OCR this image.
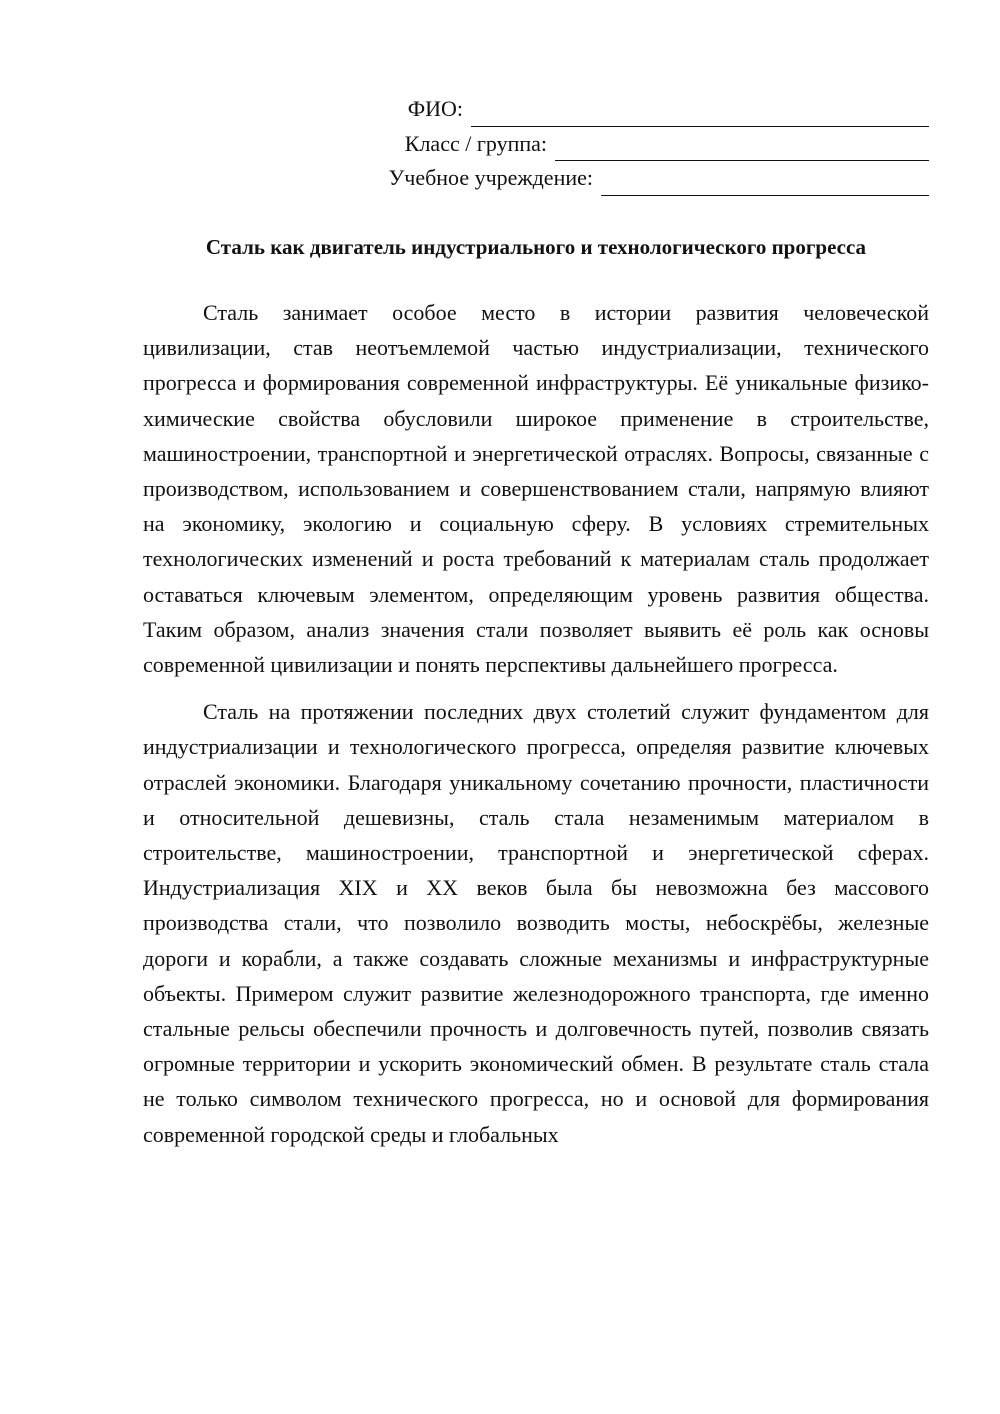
ФИО:
Класс / группа:
Учебное учреждение:
Сталь как двигатель индустриального и технологического прогресса

Сталь занимает особое место в истории развития человеческой цивилизации, став неотъемлемой частью индустриализации, технического прогресса и формирования современной инфраструктуры. Её уникальные физико-химические свойства обусловили широкое применение в строительстве, машиностроении, транспортной и энергетической отраслях. Вопросы, связанные с производством, использованием и совершенствованием стали, напрямую влияют на экономику, экологию и социальную сферу. В условиях стремительных технологических изменений и роста требований к материалам сталь продолжает оставаться ключевым элементом, определяющим уровень развития общества. Таким образом, анализ значения стали позволяет выявить её роль как основы современной цивилизации и понять перспективы дальнейшего прогресса.

Сталь на протяжении последних двух столетий служит фундаментом для индустриализации и технологического прогресса, определяя развитие ключевых отраслей экономики. Благодаря уникальному сочетанию прочности, пластичности и относительной дешевизны, сталь стала незаменимым материалом в строительстве, машиностроении, транспортной и энергетической сферах. Индустриализация XIX и XX веков была бы невозможна без массового производства стали, что позволило возводить мосты, небоскрёбы, железные дороги и корабли, а также создавать сложные механизмы и инфраструктурные объекты. Примером служит развитие железнодорожного транспорта, где именно стальные рельсы обеспечили прочность и долговечность путей, позволив связать огромные территории и ускорить экономический обмен. В результате сталь стала не только символом технического прогресса, но и основой для формирования современной городской среды и глобальных
